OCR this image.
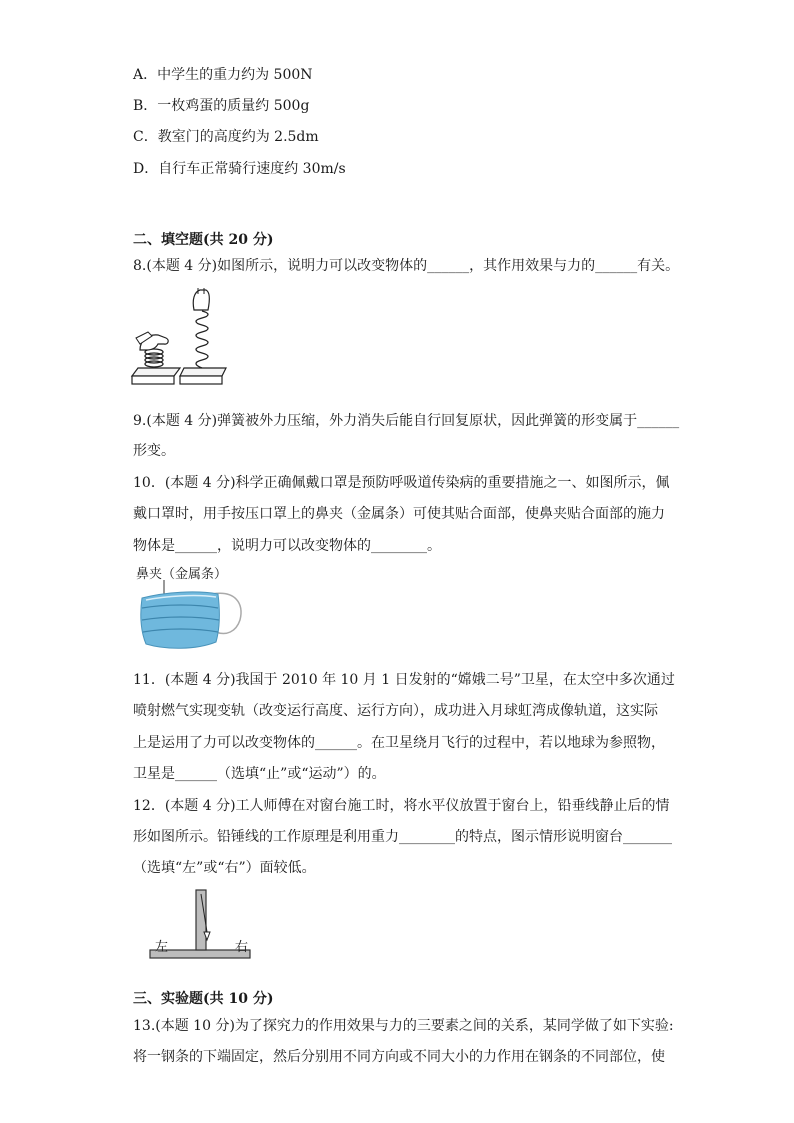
A．中学生的重力约为 500N
B．一枚鸡蛋的质量约 500g
C．教室门的高度约为 2.5dm
D．自行车正常骑行速度约 30m/s
二、填空题(共 20 分)
8.(本题 4 分)如图所示，说明力可以改变物体的______，其作用效果与力的______有关。
9.(本题 4 分)弹簧被外力压缩，外力消失后能自行回复原状，因此弹簧的形变属于______
形变。
10．(本题 4 分)科学正确佩戴口罩是预防呼吸道传染病的重要措施之一、如图所示，佩
戴口罩时，用手按压口罩上的鼻夹（金属条）可使其贴合面部，使鼻夹贴合面部的施力
物体是______，说明力可以改变物体的________。
鼻夹（金属条）
11．(本题 4 分)我国于 2010 年 10 月 1 日发射的“嫦娥二号”卫星，在太空中多次通过
喷射燃气实现变轨（改变运行高度、运行方向），成功进入月球虹湾成像轨道，这实际
上是运用了力可以改变物体的______。在卫星绕月飞行的过程中，若以地球为参照物，
卫星是______（选填“止”或“运动”）的。
12．(本题 4 分)工人师傅在对窗台施工时，将水平仪放置于窗台上，铅垂线静止后的情
形如图所示。铅锤线的工作原理是利用重力________的特点，图示情形说明窗台_______
（选填“左”或“右”）面较低。
左	右
三、实验题(共 10 分)
13.(本题 10 分)为了探究力的作用效果与力的三要素之间的关系，某同学做了如下实验:
将一钢条的下端固定，然后分别用不同方向或不同大小的力作用在钢条的不同部位，使
